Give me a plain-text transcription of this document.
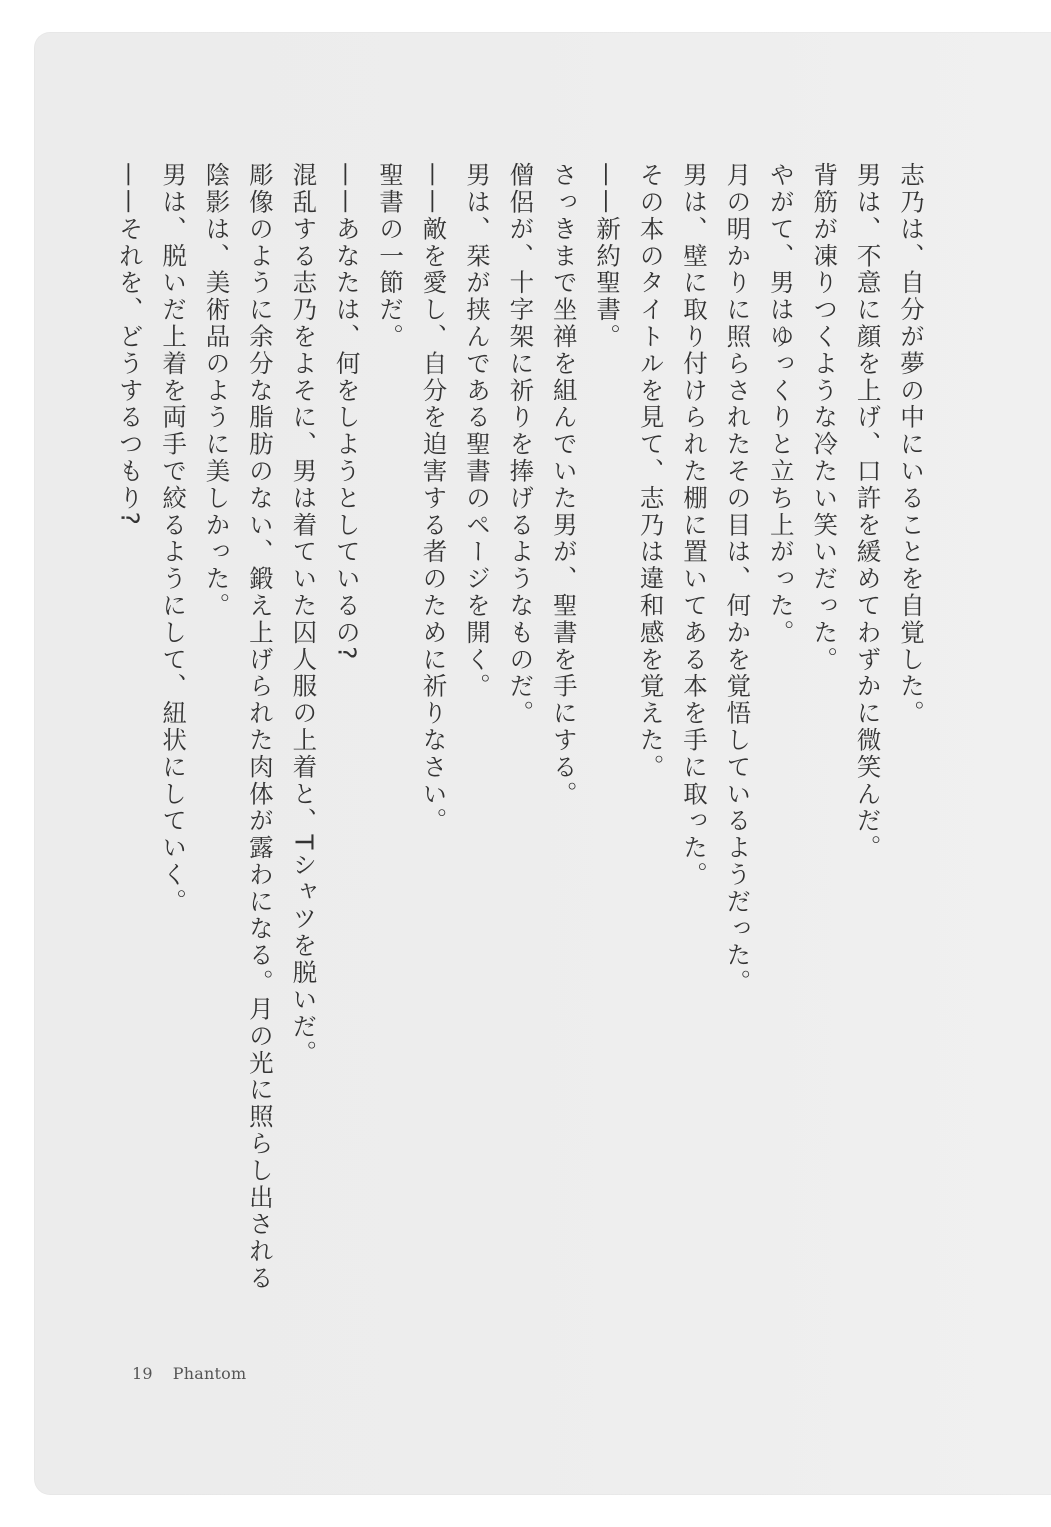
志乃は、自分が夢の中にいることを自覚した。
男は、不意に顔を上げ、口許を緩めてわずかに微笑んだ。
背筋が凍りつくような冷たい笑いだった。
やがて、男はゆっくりと立ち上がった。
月の明かりに照らされたその目は、何かを覚悟しているようだった。
男は、壁に取り付けられた棚に置いてある本を手に取った。
その本のタイトルを見て、志乃は違和感を覚えた。
——新約聖書。
さっきまで坐禅を組んでいた男が、聖書を手にする。
僧侶が、十字架に祈りを捧げるようなものだ。
男は、栞が挟んである聖書のページを開く。
——敵を愛し、自分を迫害する者のために祈りなさい。
聖書の一節だ。
——あなたは、何をしようとしているの?
混乱する志乃をよそに、男は着ていた囚人服の上着と、Tシャツを脱いだ。
彫像のように余分な脂肪のない、鍛え上げられた肉体が露わになる。月の光に照らし出される
陰影は、美術品のように美しかった。
男は、脱いだ上着を両手で絞るようにして、紐状にしていく。
——それを、どうするつもり?
19 Phantom
